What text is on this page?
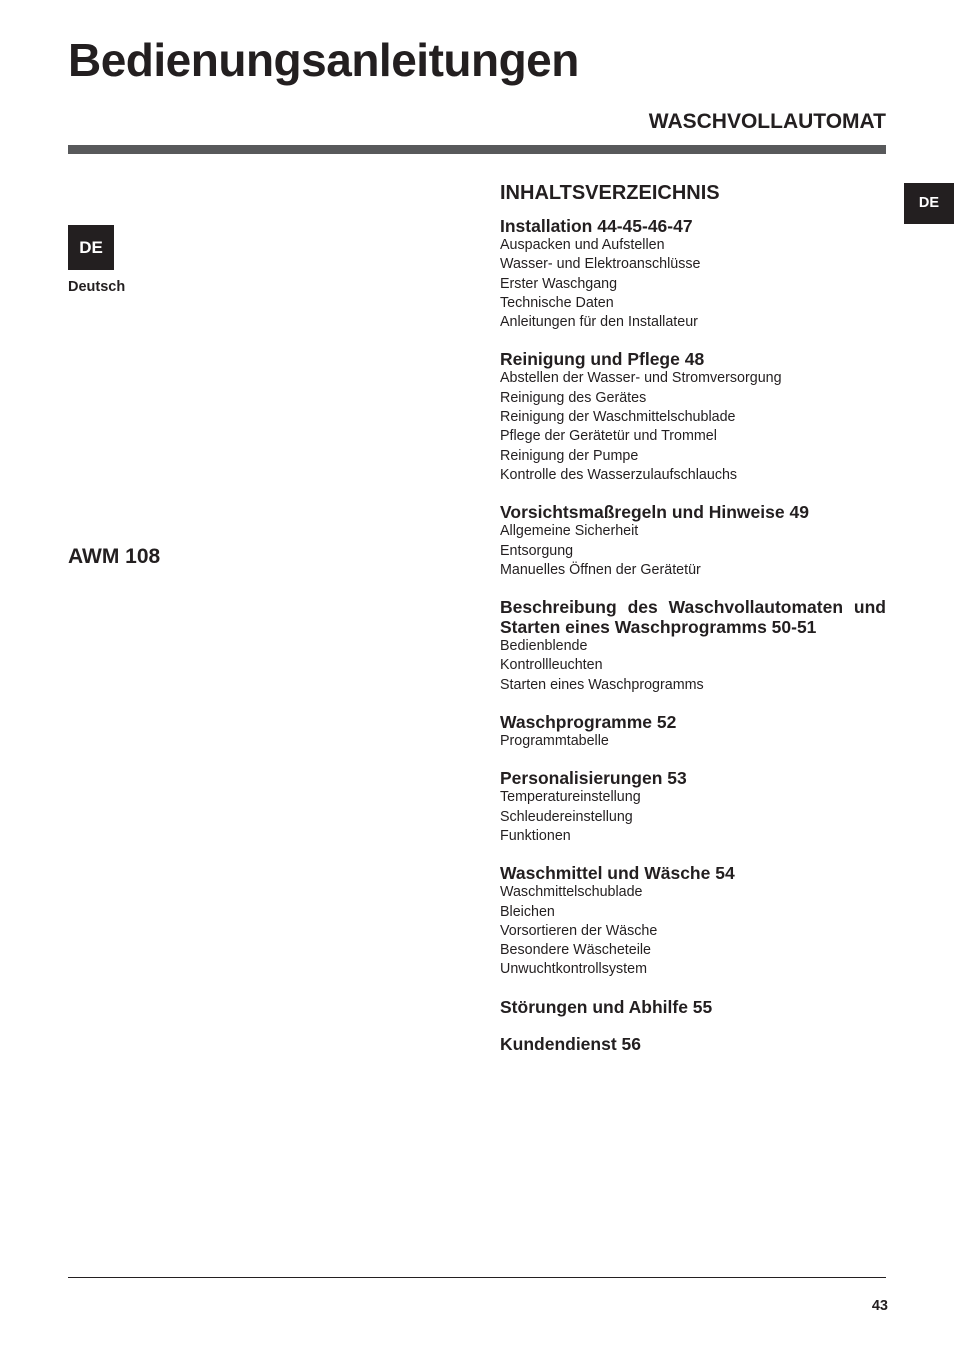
Bedienungsanleitungen
WASCHVOLLAUTOMAT
DE
Deutsch
AWM 108
DE
INHALTSVERZEICHNIS
Installation 44-45-46-47
Auspacken und Aufstellen
Wasser- und Elektroanschlüsse
Erster Waschgang
Technische Daten
Anleitungen für den Installateur
Reinigung und Pflege 48
Abstellen der Wasser- und Stromversorgung
Reinigung des Gerätes
Reinigung der Waschmittelschublade
Pflege der Gerätetür und Trommel
Reinigung der Pumpe
Kontrolle des Wasserzulaufschlauchs
Vorsichtsmaßregeln und Hinweise 49
Allgemeine Sicherheit
Entsorgung
Manuelles Öffnen der Gerätetür
Beschreibung des Waschvollautomaten und Starten eines Waschprogramms 50-51
Bedienblende
Kontrollleuchten
Starten eines Waschprogramms
Waschprogramme 52
Programmtabelle
Personalisierungen 53
Temperatureinstellung
Schleudereinstellung
Funktionen
Waschmittel und Wäsche 54
Waschmittelschublade
Bleichen
Vorsortieren der Wäsche
Besondere Wäscheteile
Unwuchtkontrollsystem
Störungen und Abhilfe 55
Kundendienst 56
43
